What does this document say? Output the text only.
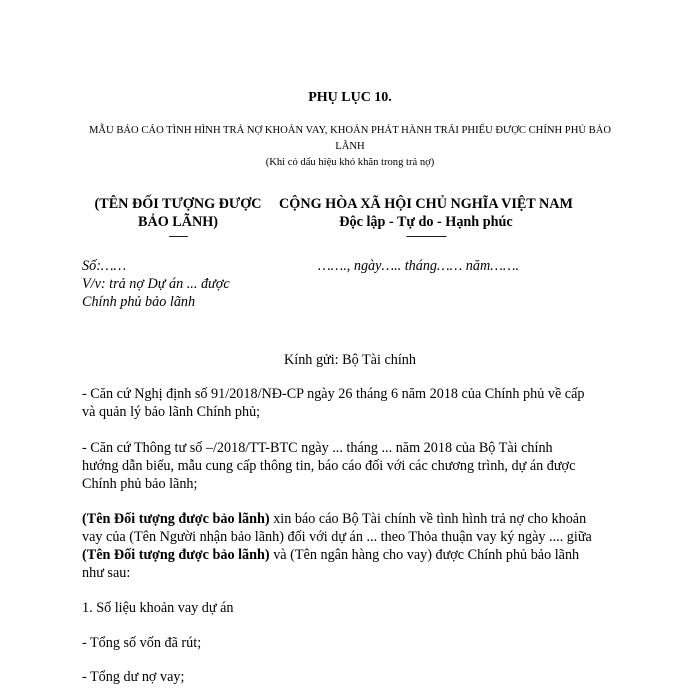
PHỤ LỤC 10.
MẪU BÁO CÁO TÌNH HÌNH TRẢ NỢ KHOẢN VAY, KHOẢN PHÁT HÀNH TRÁI PHIẾU ĐƯỢC CHÍNH PHỦ BẢO
LÃNH
(Khi có dấu hiệu khó khăn trong trả nợ)
(TÊN ĐỐI TƯỢNG ĐƯỢC
BẢO LÃNH)
-------
CỘNG HÒA XÃ HỘI CHỦ NGHĨA VIỆT NAM
Độc lập - Tự do - Hạnh phúc
---------------
Số:……	……., ngày….. tháng…… năm…….
V/v: trả nợ Dự án ... được
Chính phủ bảo lãnh
Kính gửi: Bộ Tài chính
- Căn cứ Nghị định số 91/2018/NĐ-CP ngày 26 tháng 6 năm 2018 của Chính phủ về cấp
và quản lý bảo lãnh Chính phủ;
- Căn cứ Thông tư số –/2018/TT-BTC ngày ... tháng ... năm 2018 của Bộ Tài chính
hướng dẫn biểu, mẫu cung cấp thông tin, báo cáo đối với các chương trình, dự án được
Chính phủ bảo lãnh;
(Tên Đối tượng được bảo lãnh) xin báo cáo Bộ Tài chính về tình hình trả nợ cho khoản
vay của (Tên Người nhận bảo lãnh) đối với dự án ... theo Thỏa thuận vay ký ngày .... giữa
(Tên Đối tượng được bảo lãnh) và (Tên ngân hàng cho vay) được Chính phủ bảo lãnh
như sau:
1. Số liệu khoản vay dự án
- Tổng số vốn đã rút;
- Tổng dư nợ vay;
